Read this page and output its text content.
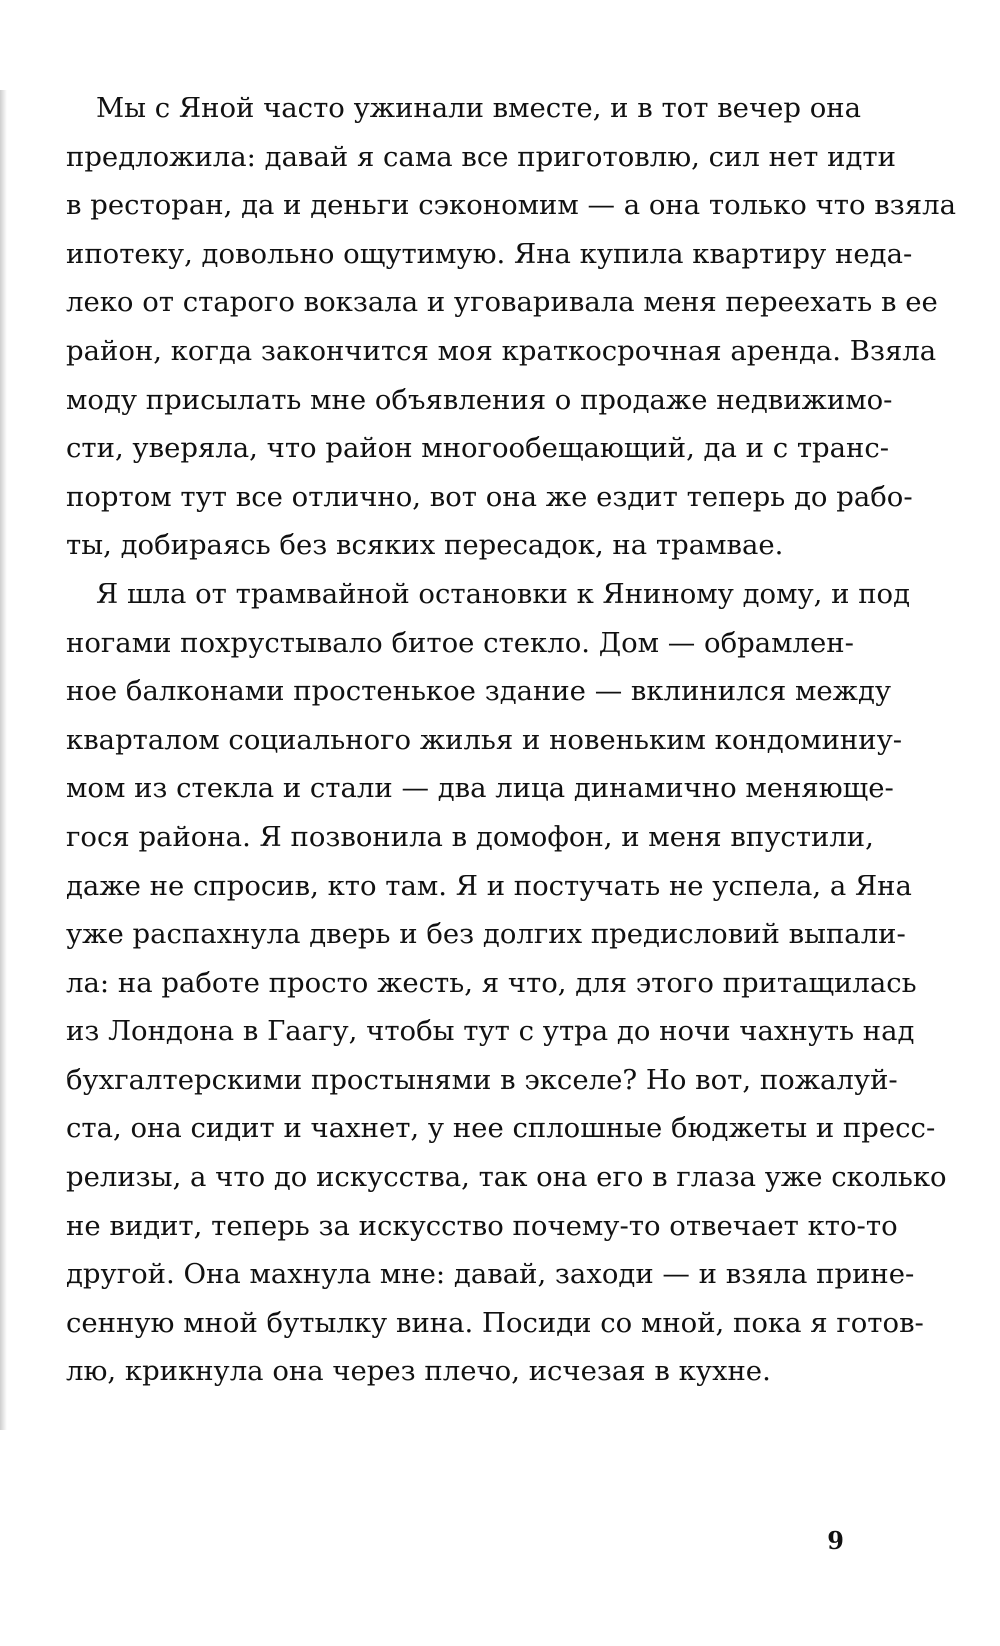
Мы с Яной часто ужинали вместе, и в тот вечер она
предложила: давай я сама все приготовлю, сил нет идти
в ресторан, да и деньги сэкономим — а она только что взяла
ипотеку, довольно ощутимую. Яна купила квартиру неда-
леко от старого вокзала и уговаривала меня переехать в ее
район, когда закончится моя краткосрочная аренда. Взяла
моду присылать мне объявления о продаже недвижимо-
сти, уверяла, что район многообещающий, да и с транс-
портом тут все отлично, вот она же ездит теперь до рабо-
ты, добираясь без всяких пересадок, на трамвае.
Я шла от трамвайной остановки к Яниному дому, и под
ногами похрустывало битое стекло. Дом — обрамлен-
ное балконами простенькое здание — вклинился между
кварталом социального жилья и новеньким кондоминиу-
мом из стекла и стали — два лица динамично меняюще-
гося района. Я позвонила в домофон, и меня впустили,
даже не спросив, кто там. Я и постучать не успела, а Яна
уже распахнула дверь и без долгих предисловий выпали-
ла: на работе просто жесть, я что, для этого притащилась
из Лондона в Гаагу, чтобы тут с утра до ночи чахнуть над
бухгалтерскими простынями в экселе? Но вот, пожалуй-
ста, она сидит и чахнет, у нее сплошные бюджеты и пресс-
релизы, а что до искусства, так она его в глаза уже сколько
не видит, теперь за искусство почему-то отвечает кто-то
другой. Она махнула мне: давай, заходи — и взяла прине-
сенную мной бутылку вина. Посиди со мной, пока я готов-
лю, крикнула она через плечо, исчезая в кухне.
9
